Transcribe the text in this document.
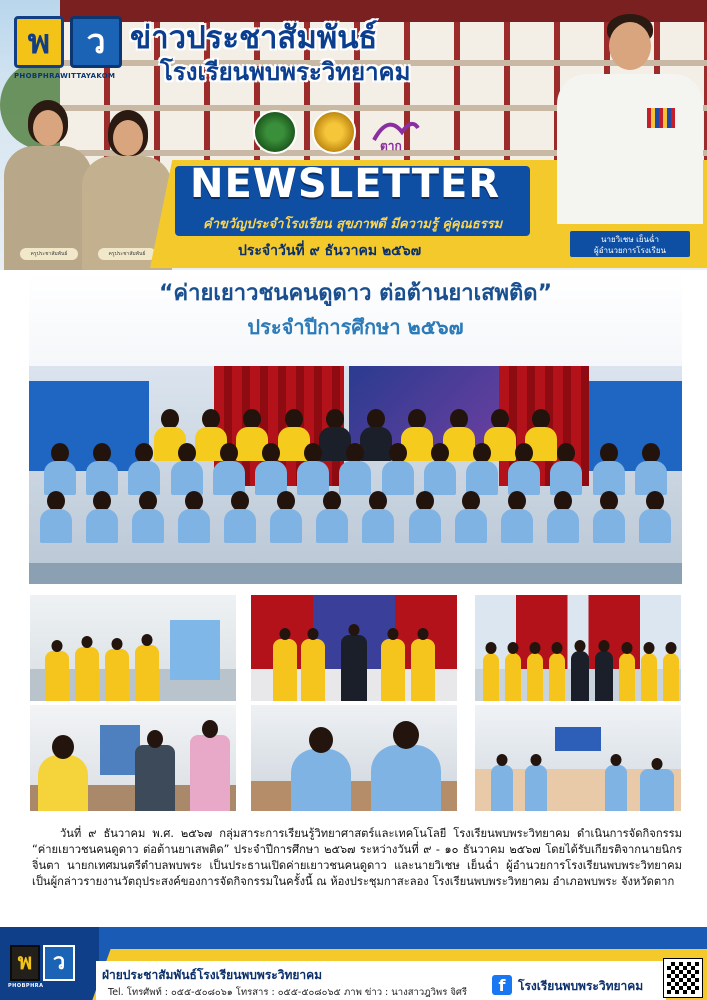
พ	ว
PHOBPHRAWITTAYAKOM
ข่าวประชาสัมพันธ์
โรงเรียนพบพระวิทยาคม
ตาก
ครูประชาสัมพันธ์	ครูประชาสัมพันธ์
NEWSLETTER
คำขวัญประจำโรงเรียน สุขภาพดี มีความรู้ คู่คุณธรรม
ประจำวันที่ ๙ ธันวาคม ๒๕๖๗
นายวิเชษ เย็นฉ่ำ
ผู้อำนวยการโรงเรียน
“ค่ายเยาวชนคนดูดาว ต่อต้านยาเสพติด”
ประจำปีการศึกษา ๒๕๖๗

วันที่ ๙ ธันวาคม พ.ศ. ๒๕๖๗ กลุ่มสาระการเรียนรู้วิทยาศาสตร์และเทคโนโลยี โรงเรียนพบพระวิทยาคม ดำเนินการจัดกิจกรรม “ค่ายเยาวชนคนดูดาว ต่อต้านยาเสพติด” ประจำปีการศึกษา ๒๕๖๗ ระหว่างวันที่ ๙ - ๑๐ ธันวาคม ๒๕๖๗ โดยได้รับเกียรติจากนายนิกร จิ่นตา นายกเทศมนตรีตำบลพบพระ เป็นประธานเปิดค่ายเยาวชนคนดูดาว และนายวิเชษ เย็นฉ่ำ ผู้อำนวยการโรงเรียนพบพระวิทยาคม เป็นผู้กล่าวรายงานวัตถุประสงค์ของการจัดกิจกรรมในครั้งนี้ ณ ห้องประชุมกาสะลอง โรงเรียนพบพระวิทยาคม อำเภอพบพระ จังหวัดตาก

พ ว
PHOBPHRA
ฝ่ายประชาสัมพันธ์โรงเรียนพบพระวิทยาคม
Tel. โทรศัพท์ : ๐๕๕-๕๐๘๐๖๑ โทรสาร : ๐๕๕-๕๐๘๐๖๕ ภาพ ข่าว : นางสาวฎวิพร จิศรี	f	โรงเรียนพบพระวิทยาคม
